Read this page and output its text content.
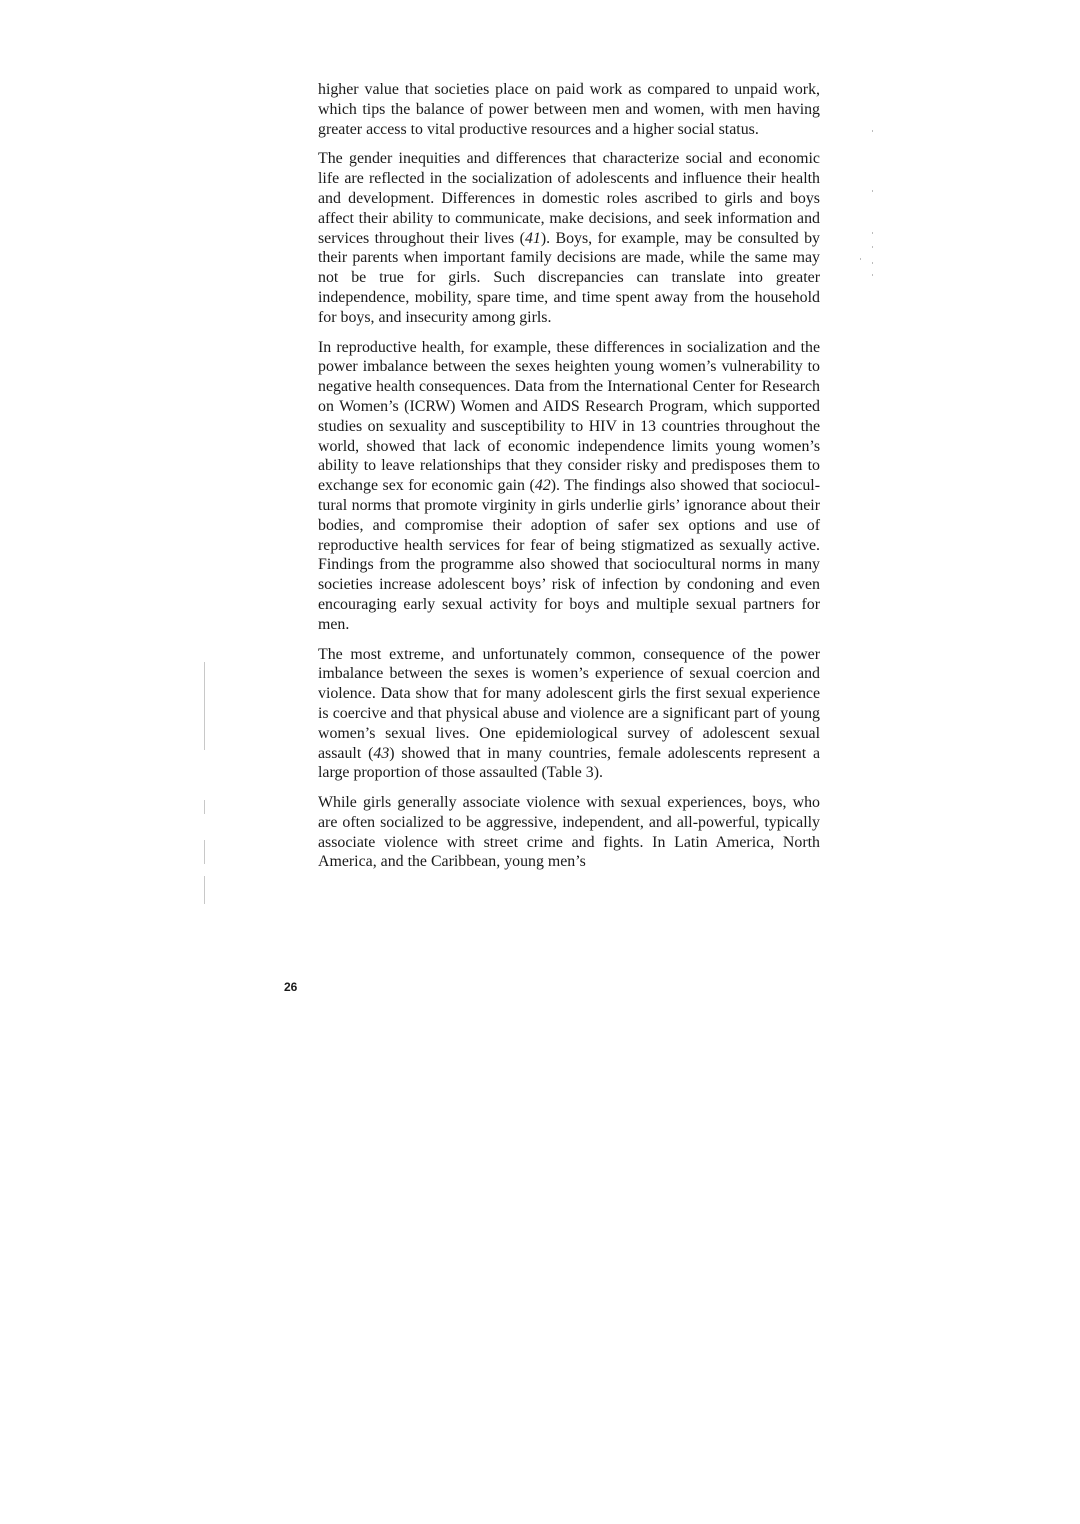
higher value that societies place on paid work as compared to unpaid work, which tips the balance of power between men and women, with men having greater access to vital productive resources and a higher social status.

The gender inequities and differences that characterize social and economic life are reflected in the socialization of adolescents and influence their health and development. Differences in domestic roles ascribed to girls and boys affect their ability to communicate, make decisions, and seek information and services throughout their lives (41). Boys, for example, may be consulted by their parents when important family decisions are made, while the same may not be true for girls. Such discrepancies can translate into greater independence, mobility, spare time, and time spent away from the household for boys, and insecurity among girls.

In reproductive health, for example, these differences in socialization and the power imbalance between the sexes heighten young women’s vulnerability to negative health consequences. Data from the International Center for Research on Women’s (ICRW) Women and AIDS Research Program, which supported studies on sexuality and susceptibility to HIV in 13 countries throughout the world, showed that lack of economic independence limits young women’s ability to leave relationships that they consider risky and predisposes them to exchange sex for economic gain (42). The findings also showed that sociocultural norms that promote virginity in girls underlie girls’ ignorance about their bodies, and compromise their adoption of safer sex options and use of reproductive health services for fear of being stigmatized as sexually active. Findings from the programme also showed that sociocultural norms in many societies increase adolescent boys’ risk of infection by condoning and even encouraging early sexual activity for boys and multiple sexual partners for men.

The most extreme, and unfortunately common, consequence of the power imbalance between the sexes is women’s experience of sexual coercion and violence. Data show that for many adolescent girls the first sexual experience is coercive and that physical abuse and violence are a significant part of young women’s sexual lives. One epidemiological survey of adolescent sexual assault (43) showed that in many countries, female adolescents represent a large proportion of those assaulted (Table 3).

While girls generally associate violence with sexual experiences, boys, who are often socialized to be aggressive, independent, and all-powerful, typically associate violence with street crime and fights. In Latin America, North America, and the Caribbean, young men’s

26
